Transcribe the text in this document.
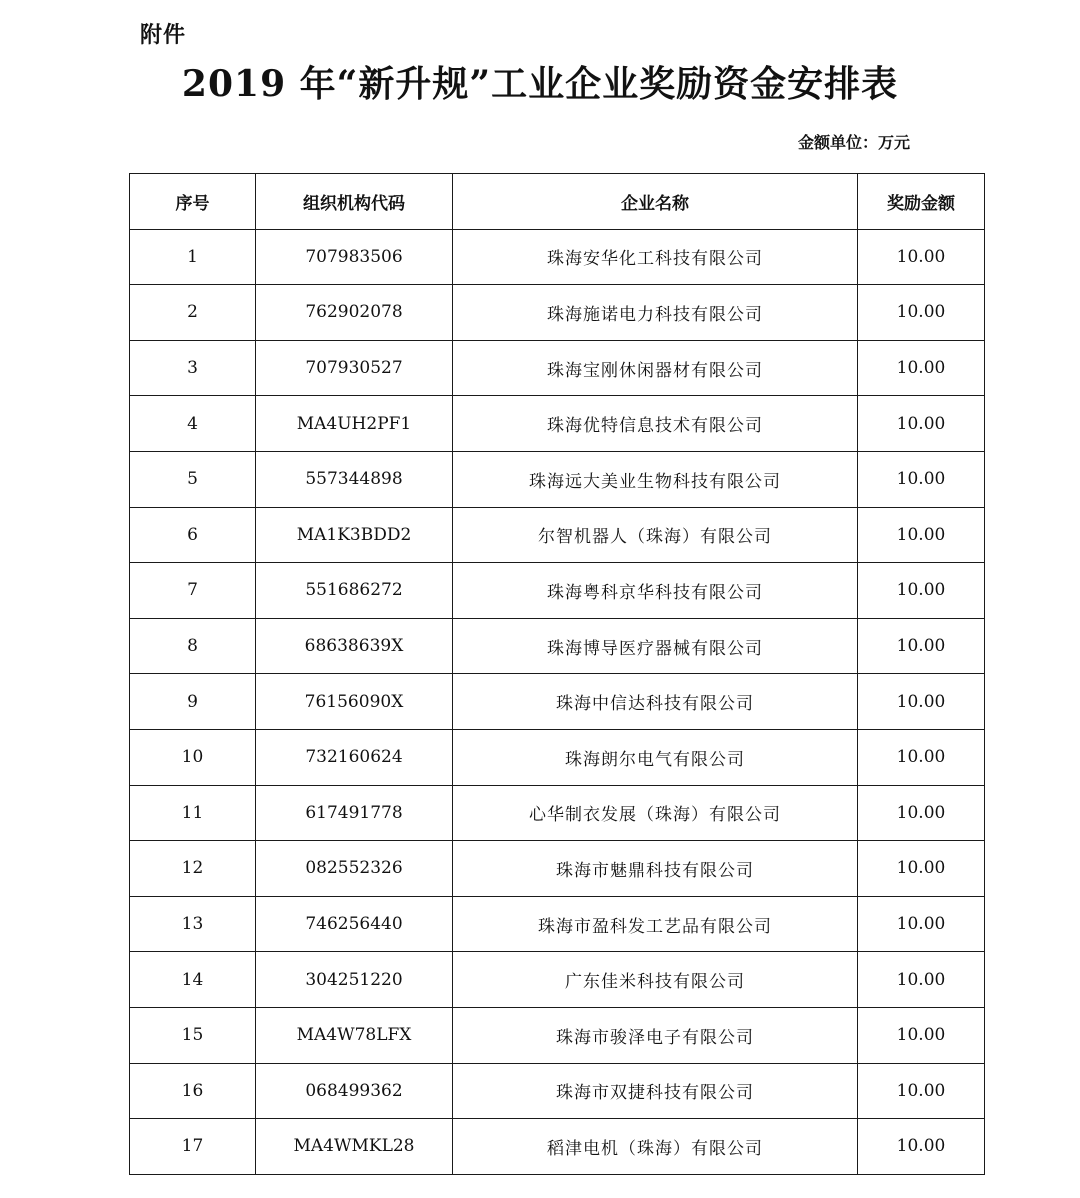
附件
2019 年“新升规”工业企业奖励资金安排表
金额单位：万元
序号	组织机构代码	企业名称	奖励金额
1	707983506	珠海安华化工科技有限公司	10.00
2	762902078	珠海施诺电力科技有限公司	10.00
3	707930527	珠海宝刚休闲器材有限公司	10.00
4	MA4UH2PF1	珠海优特信息技术有限公司	10.00
5	557344898	珠海远大美业生物科技有限公司	10.00
6	MA1K3BDD2	尔智机器人（珠海）有限公司	10.00
7	551686272	珠海粤科京华科技有限公司	10.00
8	68638639X	珠海博导医疗器械有限公司	10.00
9	76156090X	珠海中信达科技有限公司	10.00
10	732160624	珠海朗尔电气有限公司	10.00
11	617491778	心华制衣发展（珠海）有限公司	10.00
12	082552326	珠海市魅鼎科技有限公司	10.00
13	746256440	珠海市盈科发工艺品有限公司	10.00
14	304251220	广东佳米科技有限公司	10.00
15	MA4W78LFX	珠海市骏泽电子有限公司	10.00
16	068499362	珠海市双捷科技有限公司	10.00
17	MA4WMKL28	稻津电机（珠海）有限公司	10.00
